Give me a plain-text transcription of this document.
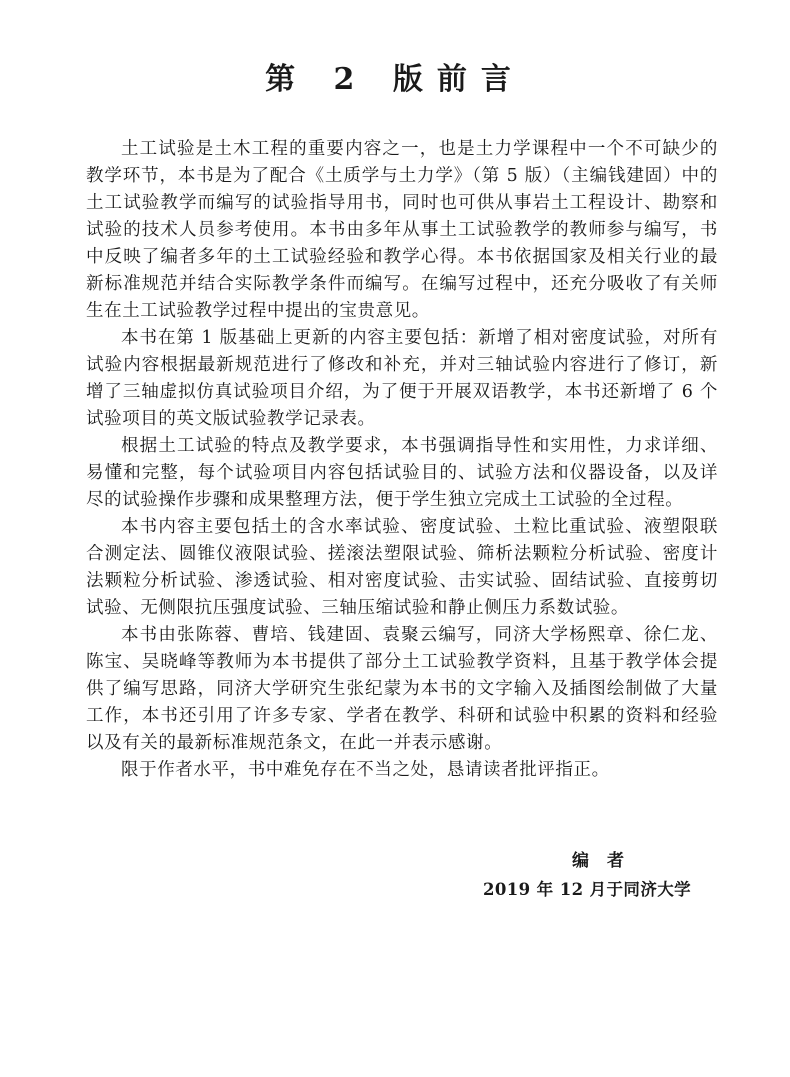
第 2 版前言

土工试验是土木工程的重要内容之一，也是土力学课程中一个不可缺少的教学环节，本书是为了配合《土质学与土力学》（第 5 版）（主编钱建固）中的土工试验教学而编写的试验指导用书，同时也可供从事岩土工程设计、勘察和试验的技术人员参考使用。本书由多年从事土工试验教学的教师参与编写，书中反映了编者多年的土工试验经验和教学心得。本书依据国家及相关行业的最新标准规范并结合实际教学条件而编写。在编写过程中，还充分吸收了有关师生在土工试验教学过程中提出的宝贵意见。

本书在第 1 版基础上更新的内容主要包括：新增了相对密度试验，对所有试验内容根据最新规范进行了修改和补充，并对三轴试验内容进行了修订，新增了三轴虚拟仿真试验项目介绍，为了便于开展双语教学，本书还新增了 6 个试验项目的英文版试验教学记录表。

根据土工试验的特点及教学要求，本书强调指导性和实用性，力求详细、易懂和完整，每个试验项目内容包括试验目的、试验方法和仪器设备，以及详尽的试验操作步骤和成果整理方法，便于学生独立完成土工试验的全过程。

本书内容主要包括土的含水率试验、密度试验、土粒比重试验、液塑限联合测定法、圆锥仪液限试验、搓滚法塑限试验、筛析法颗粒分析试验、密度计法颗粒分析试验、渗透试验、相对密度试验、击实试验、固结试验、直接剪切试验、无侧限抗压强度试验、三轴压缩试验和静止侧压力系数试验。

本书由张陈蓉、曹培、钱建固、袁聚云编写，同济大学杨熙章、徐仁龙、陈宝、吴晓峰等教师为本书提供了部分土工试验教学资料，且基于教学体会提供了编写思路，同济大学研究生张纪蒙为本书的文字输入及插图绘制做了大量工作，本书还引用了许多专家、学者在教学、科研和试验中积累的资料和经验以及有关的最新标准规范条文，在此一并表示感谢。

限于作者水平，书中难免存在不当之处，恳请读者批评指正。

编者

2019 年 12 月于同济大学
